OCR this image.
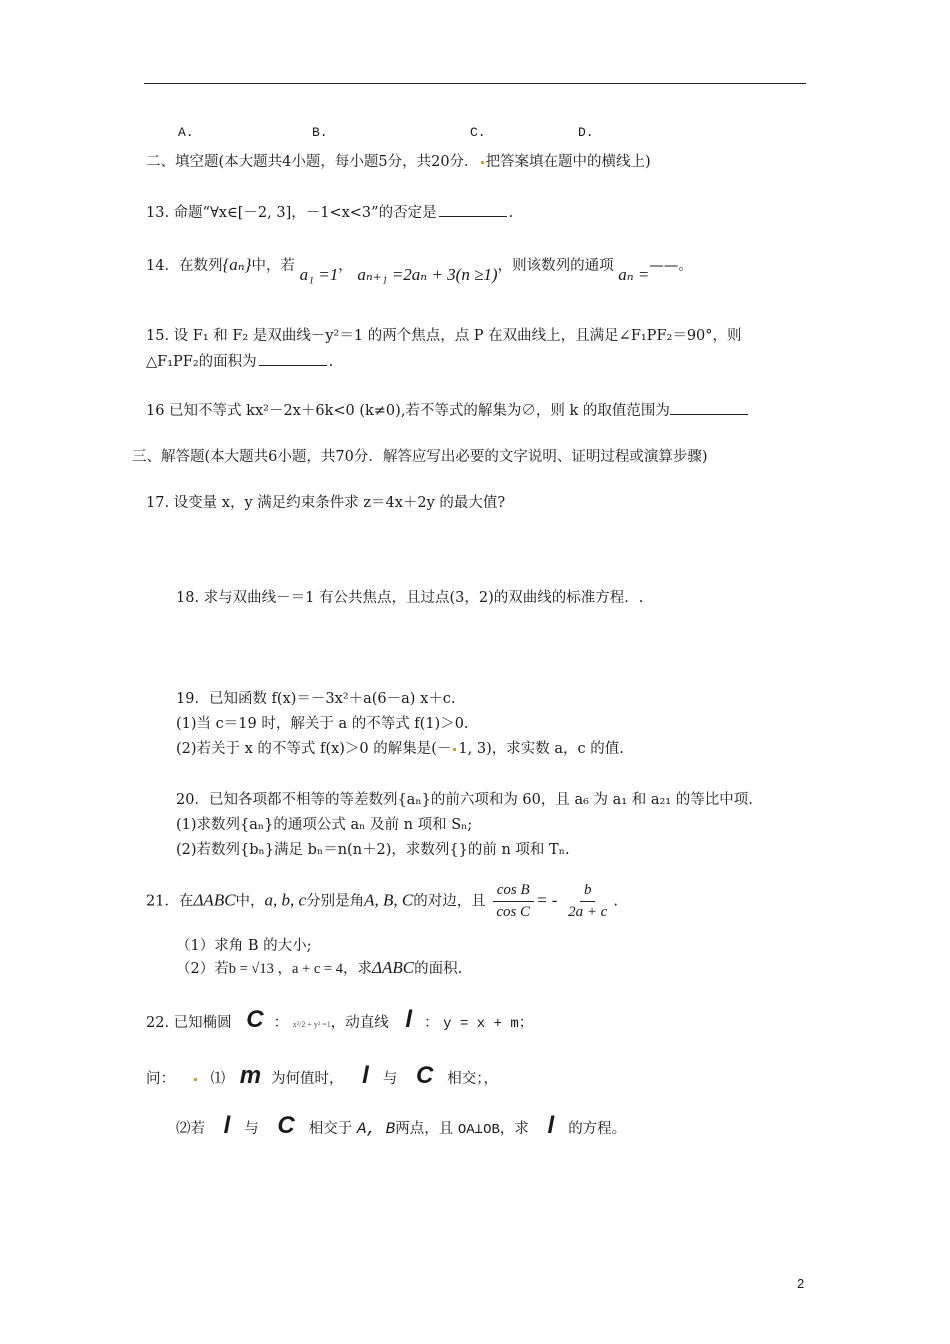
A.	B.	C.	D.
二、填空题(本大题共4小题，每小题5分，共20分． 把答案填在题中的横线上)
13. 命题“∀x∈[－2, 3]，－1<x<3”的否定是	.
14．在数列{aₙ}中，若 a₁ =1， aₙ₊₁ =2aₙ + 3(n ≥1)，则该数列的通项 aₙ =——。
15. 设 F₁ 和 F₂ 是双曲线－y²＝1 的两个焦点，点 P 在双曲线上，且满足∠F₁PF₂＝90°，则
△F₁PF₂的面积为	.
16 已知不等式 kx²－2x＋6k<0 (k≠0),若不等式的解集为∅，则 k 的取值范围为
三、解答题(本大题共6小题，共70分．解答应写出必要的文字说明、证明过程或演算步骤)
17. 设变量 x，y 满足约束条件求 z＝4x＋2y 的最大值?
18. 求与双曲线－＝1 有公共焦点，且过点(3，2)的双曲线的标准方程．.
19．已知函数 f(x)＝－3x²＋a(6－a) x＋c.
(1)当 c＝19 时，解关于 a 的不等式 f(1)＞0.
(2)若关于 x 的不等式 f(x)＞0 的解集是(－ 1, 3)，求实数 a，c 的值.
20．已知各项都不相等的等差数列{aₙ}的前六项和为 60，且 a₆ 为 a₁ 和 a₂₁ 的等比中项.
(1)求数列{aₙ}的通项公式 aₙ 及前 n 项和 Sₙ;
(2)若数列{bₙ}满足 bₙ＝n(n＋2)，求数列{}的前 n 项和 Tₙ.
21．在ΔABC中，a, b, c分别是角A, B, C的对边，且 $\frac{\text{cos B}}{\text{cos C}}$ = - $\frac{b}{2a + c}$ .
（1）求角 B 的大小;
（2）若b = √13 ，a + c = 4，求ΔABC的面积.
22. 已知椭圆 C ： x²/2 + y² =1，动直线 l ： y = x + m；
问： ⑴ m 为何值时， l 与 C 相交；，
⑵若 l 与 C 相交于 A, B两点，且 OA⊥OB，求 l 的方程。
2
